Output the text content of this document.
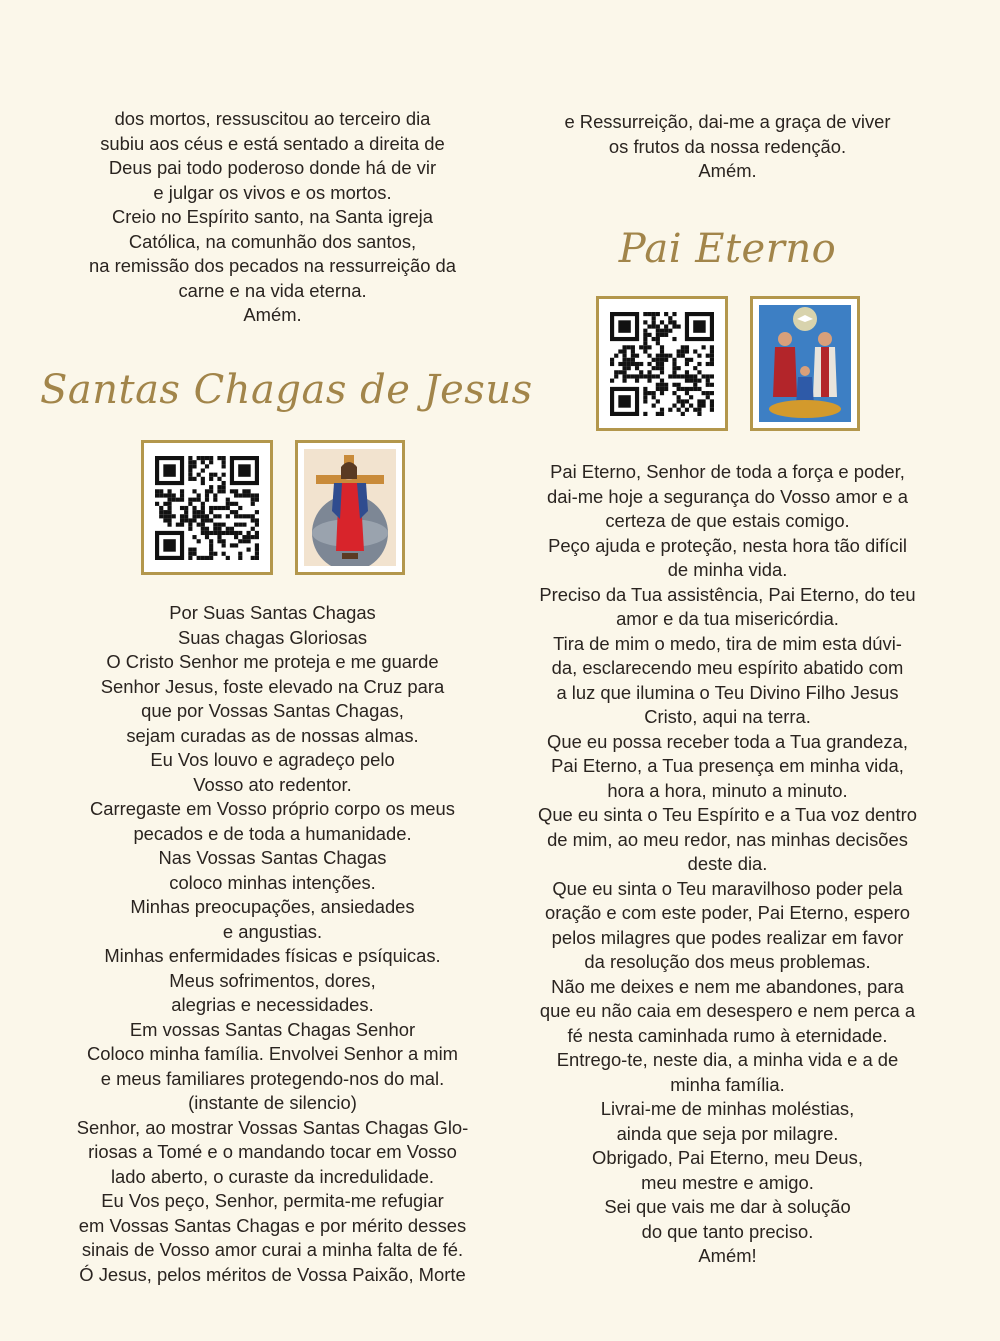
dos mortos, ressuscitou ao terceiro dia

subiu aos céus e está sentado a direita de

Deus pai todo poderoso donde há de vir

e julgar os vivos e os mortos.

Creio no Espírito santo, na Santa igreja

Católica, na comunhão dos santos,

na remissão dos pecados na ressurreição da

carne e na vida eterna.

Amém.

Santas Chagas de Jesus

Por Suas Santas Chagas

Suas chagas Gloriosas

O Cristo Senhor me proteja e me guarde

Senhor Jesus, foste elevado na Cruz para

que por Vossas Santas Chagas,

sejam curadas as de nossas almas.

Eu Vos louvo e agradeço pelo

Vosso ato redentor.

Carregaste em Vosso próprio corpo os meus

pecados e de toda a humanidade.

Nas Vossas Santas Chagas

coloco minhas intenções.

Minhas preocupações, ansiedades

e angustias.

Minhas enfermidades físicas e psíquicas.

Meus sofrimentos, dores,

alegrias e necessidades.

Em vossas Santas Chagas Senhor

Coloco minha família. Envolvei Senhor a mim

e meus familiares protegendo-nos do mal.

(instante de silencio)

Senhor, ao mostrar Vossas Santas Chagas Glo-

riosas a Tomé e o mandando tocar em Vosso

lado aberto, o curaste da incredulidade.

Eu Vos peço, Senhor, permita-me refugiar

em Vossas Santas Chagas e por mérito desses

sinais de Vosso amor curai a minha falta de fé.

Ó Jesus, pelos méritos de Vossa Paixão, Morte

e Ressurreição, dai-me a graça de viver

os frutos da nossa redenção.

Amém.

Pai Eterno

Pai Eterno, Senhor de toda a força e poder,

dai-me hoje a segurança do Vosso amor e a

certeza de que estais comigo.

Peço ajuda e proteção, nesta hora tão difícil

de minha vida.

Preciso da Tua assistência, Pai Eterno, do teu

amor e da tua misericórdia.

Tira de mim o medo, tira de mim esta dúvi-

da, esclarecendo meu espírito abatido com

a luz que ilumina o Teu Divino Filho Jesus

Cristo, aqui na terra.

Que eu possa receber toda a Tua grandeza,

Pai Eterno, a Tua presença em minha vida,

hora a hora, minuto a minuto.

Que eu sinta o Teu Espírito e a Tua voz dentro

de mim, ao meu redor, nas minhas decisões

deste dia.

Que eu sinta o Teu maravilhoso poder pela

oração e com este poder, Pai Eterno, espero

pelos milagres que podes realizar em favor

da resolução dos meus problemas.

Não me deixes e nem me abandones, para

que eu não caia em desespero e nem perca a

fé nesta caminhada rumo à eternidade.

Entrego-te, neste dia, a minha vida e a de

minha família.

Livrai-me de minhas moléstias,

ainda que seja por milagre.

Obrigado, Pai Eterno, meu Deus,

meu mestre e amigo.

Sei que vais me dar à solução

do que tanto preciso.

Amém!
